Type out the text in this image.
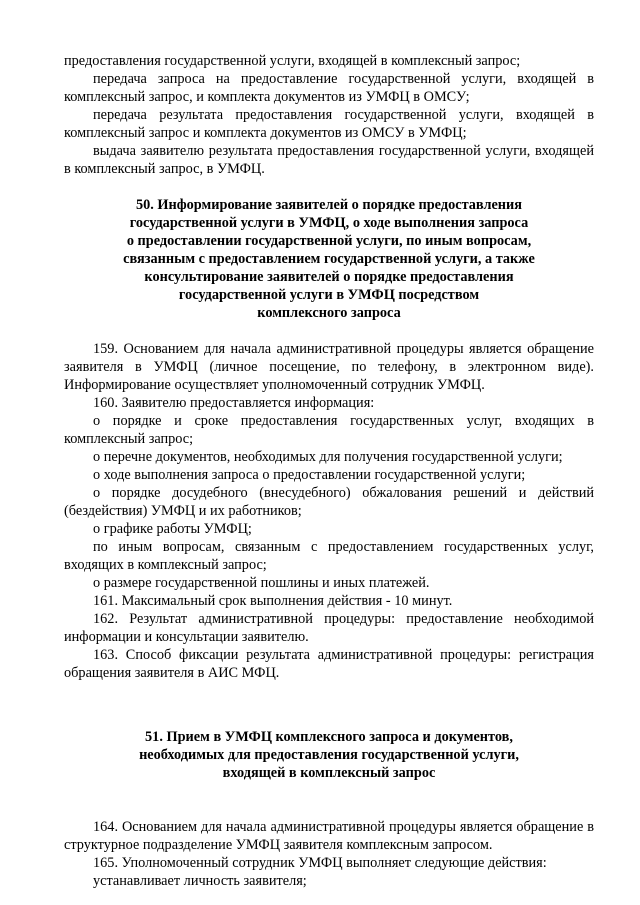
предоставления государственной услуги, входящей в комплексный запрос;

передача запроса на предоставление государственной услуги, входящей в комплексный запрос, и комплекта документов из УМФЦ в ОМСУ;

передача результата предоставления государственной услуги, входящей в комплексный запрос и комплекта документов из ОМСУ в УМФЦ;

выдача заявителю результата предоставления государственной услуги, входящей в комплексный запрос, в УМФЦ.

50. Информирование заявителей о порядке предоставления
государственной услуги в УМФЦ, о ходе выполнения запроса
о предоставлении государственной услуги, по иным вопросам,
связанным с предоставлением государственной услуги, а также
консультирование заявителей о порядке предоставления
государственной услуги в УМФЦ посредством
комплексного запроса

159. Основанием для начала административной процедуры является обращение заявителя в УМФЦ (личное посещение, по телефону, в электронном виде). Информирование осуществляет уполномоченный сотрудник УМФЦ.

160. Заявителю предоставляется информация:

о порядке и сроке предоставления государственных услуг, входящих в комплексный запрос;

о перечне документов, необходимых для получения государственной услуги;

о ходе выполнения запроса о предоставлении государственной услуги;

о порядке досудебного (внесудебного) обжалования решений и действий (бездействия) УМФЦ и их работников;

о графике работы УМФЦ;

по иным вопросам, связанным с предоставлением государственных услуг, входящих в комплексный запрос;

о размере государственной пошлины и иных платежей.

161. Максимальный срок выполнения действия - 10 минут.

162. Результат административной процедуры: предоставление необходимой информации и консультации заявителю.

163. Способ фиксации результата административной процедуры: регистрация обращения заявителя в АИС МФЦ.

51. Прием в УМФЦ комплексного запроса и документов,
необходимых для предоставления государственной услуги,
входящей в комплексный запрос

164. Основанием для начала административной процедуры является обращение в структурное подразделение УМФЦ заявителя комплексным запросом.

165. Уполномоченный сотрудник УМФЦ выполняет следующие действия:

устанавливает личность заявителя;
